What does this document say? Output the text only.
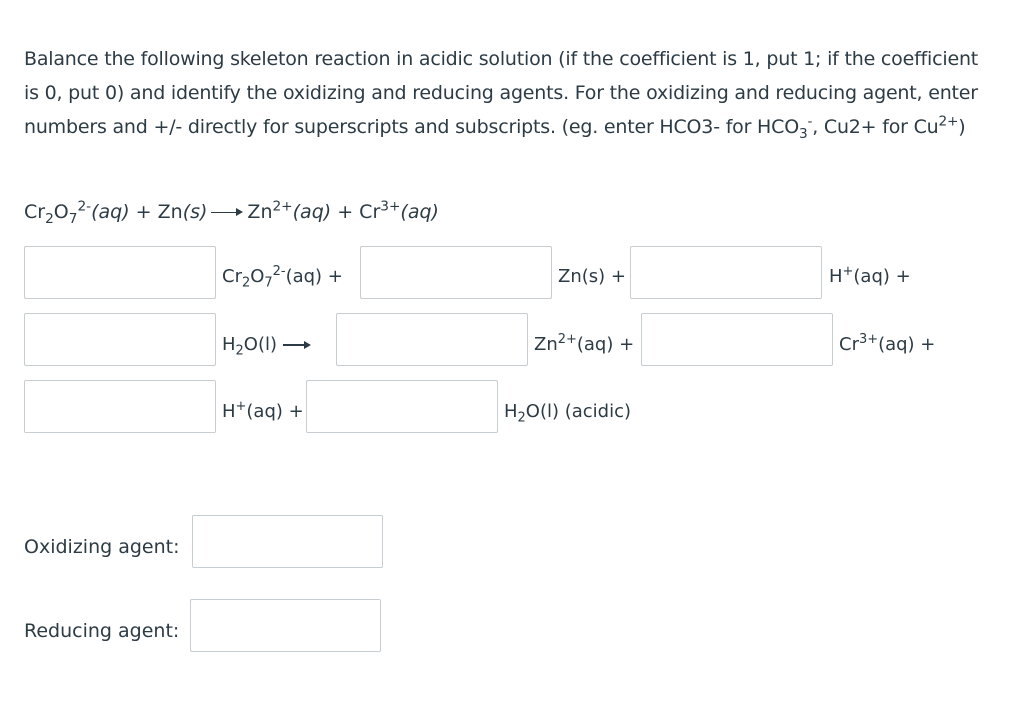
Balance the following skeleton reaction in acidic solution (if the coefficient is 1, put 1; if the coefficient is 0, put 0) and identify the oxidizing and reducing agents. For the oxidizing and reducing agent, enter numbers and +/- directly for superscripts and subscripts. (eg. enter HCO3- for $HCO_3^-$, Cu2+ for $Cu^{2+}$)
$Cr_2O_7^{2-}(aq) + Zn(s) Zn^{2+}(aq) + Cr^{3+}(aq)$
$Cr_2O_7^{2-}(aq)$ +	Zn(s) +	H+(aq) +
$H_2O(l)$	$Zn^{2+}(aq)$ +	$Cr^{3+}(aq)$ +
H+(aq) +	$H_2O(l)$ (acidic)
Oxidizing agent:
Reducing agent:
